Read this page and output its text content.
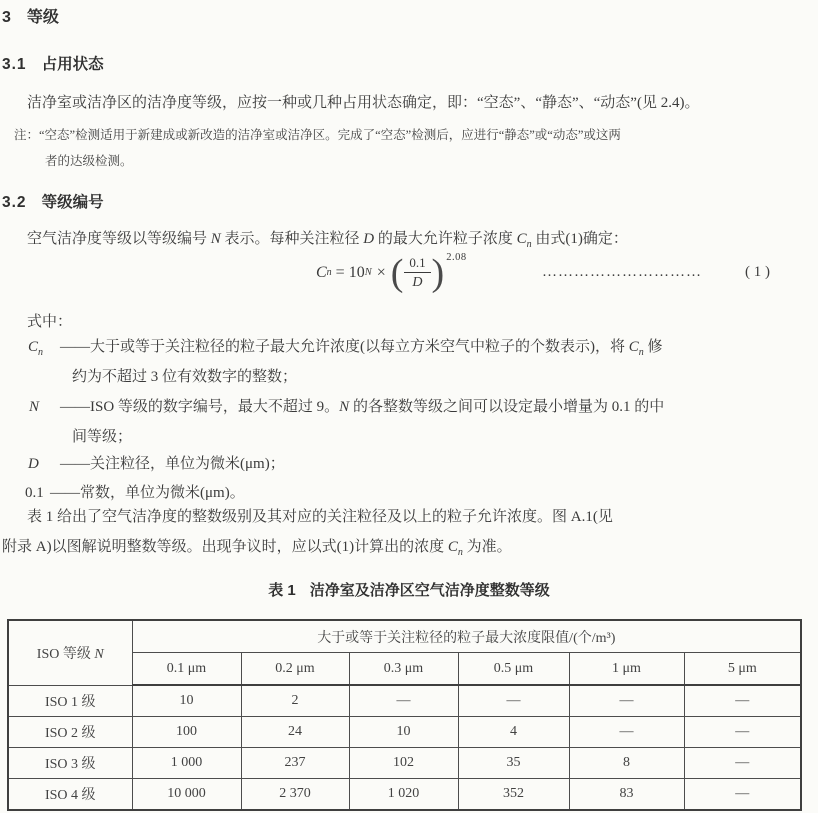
3 等级
3.1 占用状态
洁净室或洁净区的洁净度等级，应按一种或几种占用状态确定，即：“空态”、“静态”、“动态”(见 2.4)。
注： “空态”检测适用于新建成或新改造的洁净室或洁净区。完成了“空态”检测后，应进行“静态”或“动态”或这两
者的达级检测。
3.2 等级编号
空气洁净度等级以等级编号 N 表示。每种关注粒径 D 的最大允许粒子浓度 $C_n$ 由式(1)确定：
C n = 10 N × ( $\frac{0.1}{D}$ ) 2.08
…………………………	( 1 )
式中：
$C_n$ ——大于或等于关注粒径的粒子最大允许浓度(以每立方米空气中粒子的个数表示)，将 $C_n$ 修
约为不超过 3 位有效数字的整数；
N ——ISO 等级的数字编号，最大不超过 9。N 的各整数等级之间可以设定最小增量为 0.1 的中
间等级；
D ——关注粒径，单位为微米(μm)；
0.1 ——常数，单位为微米(μm)。
表 1 给出了空气洁净度的整数级别及其对应的关注粒径及以上的粒子允许浓度。图 A.1(见
附录 A)以图解说明整数等级。出现争议时，应以式(1)计算出的浓度 $C_n$ 为准。
表 1 洁净室及洁净区空气洁净度整数等级
ISO 等级 N	大于或等于关注粒径的粒子最大浓度限值/(个/m³)					
	0.1 μm	0.2 μm	0.3 μm	0.5 μm	1 μm	5 μm
ISO 1 级	10	2	—	—	—	—
ISO 2 级	100	24	10	4	—	—
ISO 3 级	1 000	237	102	35	8	—
ISO 4 级	10 000	2 370	1 020	352	83	—
